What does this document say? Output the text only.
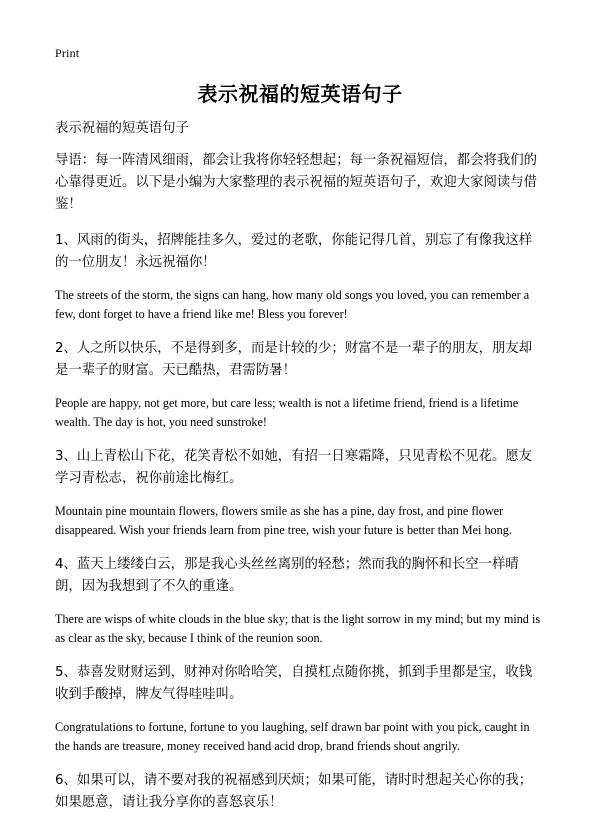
Print
表示祝福的短英语句子

表示祝福的短英语句子

导语：每一阵清风细雨，都会让我将你轻轻想起；每一条祝福短信，都会将我们的心靠得更近。以下是小编为大家整理的表示祝福的短英语句子，欢迎大家阅读与借鉴！

1、风雨的街头，招牌能挂多久，爱过的老歌，你能记得几首，别忘了有像我这样的一位朋友！永远祝福你！

The streets of the storm, the signs can hang, how many old songs you loved, you can remember a few, dont forget to have a friend like me! Bless you forever!

2、人之所以快乐，不是得到多，而是计较的少；财富不是一辈子的朋友，朋友却是一辈子的财富。天已酷热，君需防暑！

People are happy, not get more, but care less; wealth is not a lifetime friend, friend is a lifetime wealth. The day is hot, you need sunstroke!

3、山上青松山下花，花笑青松不如她，有招一日寒霜降，只见青松不见花。愿友学习青松志，祝你前途比梅红。

Mountain pine mountain flowers, flowers smile as she has a pine, day frost, and pine flower disappeared. Wish your friends learn from pine tree, wish your future is better than Mei hong.

4、蓝天上缕缕白云，那是我心头丝丝离别的轻愁；然而我的胸怀和长空一样晴朗，因为我想到了不久的重逢。

There are wisps of white clouds in the blue sky; that is the light sorrow in my mind; but my mind is as clear as the sky, because I think of the reunion soon.

5、恭喜发财财运到，财神对你哈哈笑，自摸杠点随你挑，抓到手里都是宝，收钱收到手酸掉，牌友气得哇哇叫。

Congratulations to fortune, fortune to you laughing, self drawn bar point with you pick, caught in the hands are treasure, money received hand acid drop, brand friends shout angrily.

6、如果可以，请不要对我的祝福感到厌烦；如果可能，请时时想起关心你的我；如果愿意，请让我分享你的喜怒哀乐！
